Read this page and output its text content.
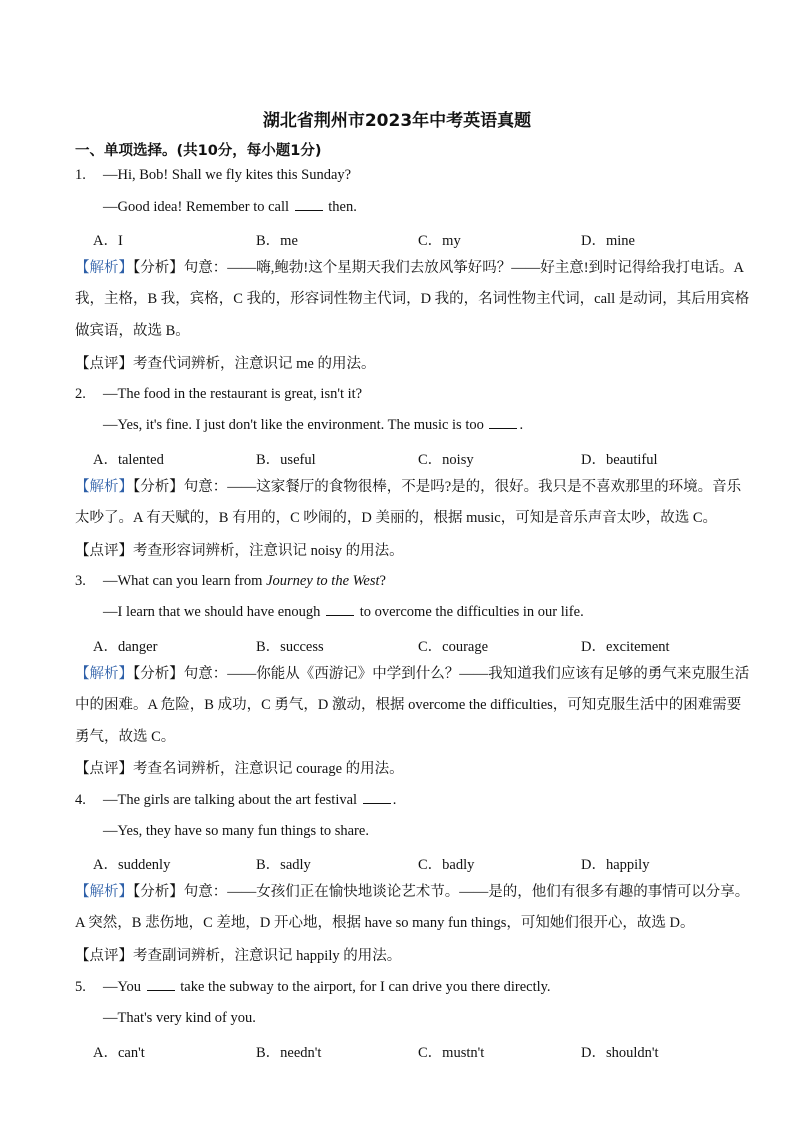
湖北省荆州市2023年中考英语真题
一、单项选择。(共10分，每小题1分)
1. —Hi, Bob! Shall we fly kites this Sunday?
—Good idea! Remember to call	then.
A．I	B．me	C．my	D．mine
【解析】【分析】句意：——嗨,鲍勃!这个星期天我们去放风筝好吗？——好主意!到时记得给我打电话。A 我，主格，B 我，宾格，C 我的，形容词性物主代词，D 我的，名词性物主代词，call 是动词，其后用宾格做宾语，故选 B。
【点评】考查代词辨析，注意识记 me 的用法。
2. —The food in the restaurant is great, isn't it?
—Yes, it's fine. I just don't like the environment. The music is too .
A．talented	B．useful	C．noisy	D．beautiful
【解析】【分析】句意：——这家餐厅的食物很棒，不是吗?是的，很好。我只是不喜欢那里的环境。音乐太吵了。A 有天赋的，B 有用的，C 吵闹的，D 美丽的，根据 music，可知是音乐声音太吵，故选 C。
【点评】考查形容词辨析，注意识记 noisy 的用法。
3. —What can you learn from Journey to the West?
—I learn that we should have enough	to overcome the difficulties in our life.
A．danger	B．success	C．courage	D．excitement
【解析】【分析】句意：——你能从《西游记》中学到什么？——我知道我们应该有足够的勇气来克服生活中的困难。A 危险，B 成功，C 勇气，D 激动，根据 overcome the difficulties，可知克服生活中的困难需要勇气，故选 C。
【点评】考查名词辨析，注意识记 courage 的用法。
4. —The girls are talking about the art festival .
—Yes, they have so many fun things to share.
A．suddenly	B．sadly	C．badly	D．happily
【解析】【分析】句意：——女孩们正在愉快地谈论艺术节。——是的，他们有很多有趣的事情可以分享。A 突然，B 悲伤地，C 差地，D 开心地，根据 have so many fun things，可知她们很开心，故选 D。
【点评】考查副词辨析，注意识记 happily 的用法。
5. —You	take the subway to the airport, for I can drive you there directly.
—That's very kind of you.
A．can't	B．needn't	C．mustn't	D．shouldn't
